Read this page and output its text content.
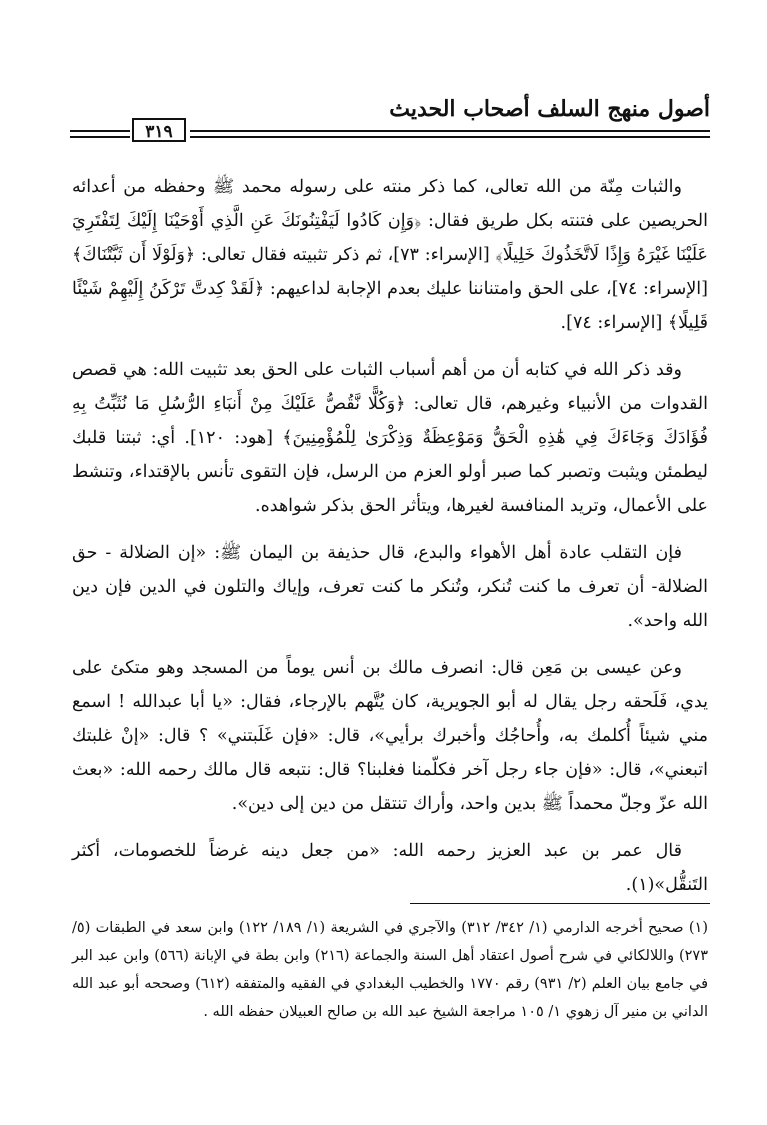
أصول منهج السلف أصحاب الحديث
٣١٩

والثبات مِنّة من الله تعالى، كما ذكر منته على رسوله محمد ﷺ وحفظه من أعدائه الحريصين على فتنته بكل طريق فقال: ﴿وَإِن كَادُوا لَيَفْتِنُونَكَ عَنِ الَّذِي أَوْحَيْنَا إِلَيْكَ لِتَفْتَرِيَ عَلَيْنَا غَيْرَهُ وَإِذًا لَاتَّخَذُوكَ خَلِيلًا﴾ [الإسراء: ٧٣]، ثم ذكر تثبيته فقال تعالى: ﴿وَلَوْلَا أَن ثَبَّتْنَاكَ﴾ [الإسراء: ٧٤]، على الحق وامتناننا عليك بعدم الإجابة لداعيهم: ﴿لَقَدْ كِدتَّ تَرْكَنُ إِلَيْهِمْ شَيْئًا قَلِيلًا﴾ [الإسراء: ٧٤].

وقد ذكر الله في كتابه أن من أهم أسباب الثبات على الحق بعد تثبيت الله: هي قصص القدوات من الأنبياء وغيرهم، قال تعالى: ﴿وَكُلًّا نَّقُصُّ عَلَيْكَ مِنْ أَنبَاءِ الرُّسُلِ مَا نُثَبِّتُ بِهِ فُؤَادَكَ وَجَاءَكَ فِي هَٰذِهِ الْحَقُّ وَمَوْعِظَةٌ وَذِكْرَىٰ لِلْمُؤْمِنِينَ﴾ [هود: ١٢٠]. أي: ثبتنا قلبك ليطمئن ويثبت وتصبر كما صبر أولو العزم من الرسل، فإن التقوى تأنس بالإقتداء، وتنشط على الأعمال، وتريد المنافسة لغيرها، ويتأثر الحق بذكر شواهده.

فإن التقلب عادة أهل الأهواء والبدع، قال حذيفة بن اليمان ﷺ: «إن الضلالة - حق الضلالة- أن تعرف ما كنت تُنكر، وتُنكر ما كنت تعرف، وإياك والتلون في الدين فإن دين الله واحد».

وعن عيسى بن مَعِن قال: انصرف مالك بن أنس يوماً من المسجد وهو متكئ على يدي، فَلَحقه رجل يقال له أبو الجويرية، كان يُتَّهم بالإرجاء، فقال: «يا أبا عبدالله ! اسمع مني شيئاً أُكلمك به، وأُحاجُك وأخبرك برأيي»، قال: «فإن غَلَبتني» ؟ قال: «إنْ غلبتك اتبعني»، قال: «فإن جاء رجل آخر فكلّمنا فغلبنا؟ قال: نتبعه قال مالك رحمه الله: «بعث الله عزّ وجلّ محمداً ﷺ بدين واحد، وأراك تنتقل من دين إلى دين».

قال عمر بن عبد العزيز رحمه الله: «من جعل دينه غرضاً للخصومات، أكثر التَنقُّل»(١).

(١) صحيح أخرجه الدارمي (١/ ٣٤٢/ ٣١٢) والآجري في الشريعة (١/ ١٨٩/ ١٢٢) وابن سعد في الطبقات (٥/ ٢٧٣) واللالكائي في شرح أصول اعتقاد أهل السنة والجماعة (٢١٦) وابن بطة في الإبانة (٥٦٦) وابن عبد البر في جامع بيان العلم (٢/ ٩٣١) رقم ١٧٧٠ والخطيب البغدادي في الفقيه والمتفقه (٦١٢) وصححه أبو عبد الله الداني بن منير آل زهوي ١/ ١٠٥ مراجعة الشيخ عبد الله بن صالح العبيلان حفظه الله .
